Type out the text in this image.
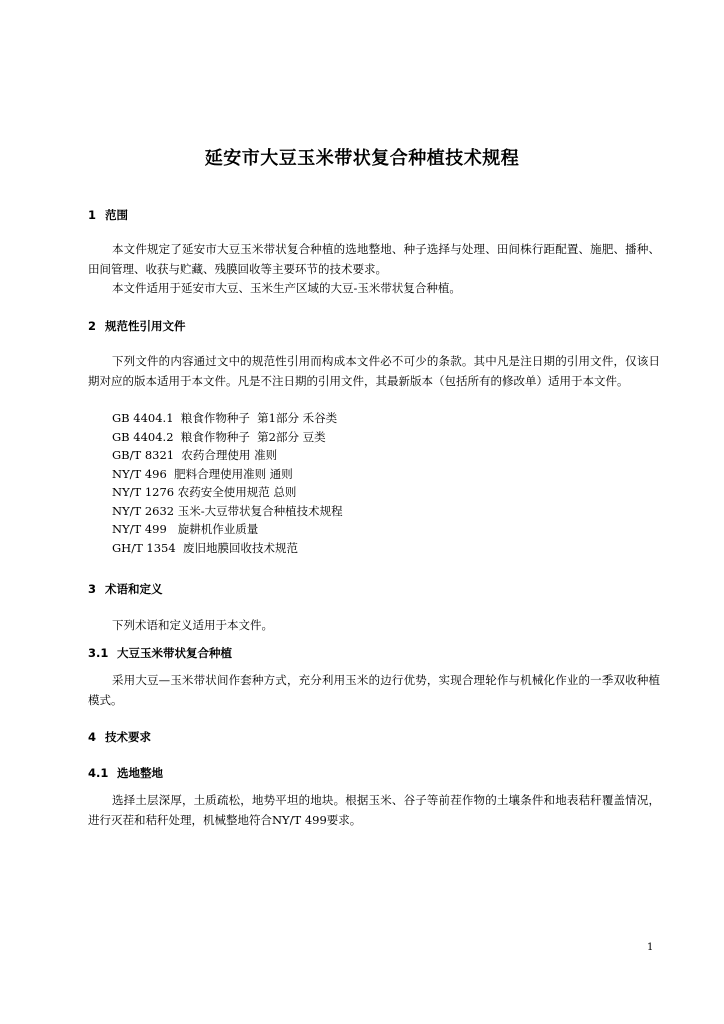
延安市大豆玉米带状复合种植技术规程
1 范围
本文件规定了延安市大豆玉米带状复合种植的选地整地、种子选择与处理、田间株行距配置、施肥、播种、田间管理、收获与贮藏、残膜回收等主要环节的技术要求。
本文件适用于延安市大豆、玉米生产区域的大豆-玉米带状复合种植。
2 规范性引用文件
下列文件的内容通过文中的规范性引用而构成本文件必不可少的条款。其中凡是注日期的引用文件，仅该日期对应的版本适用于本文件。凡是不注日期的引用文件，其最新版本（包括所有的修改单）适用于本文件。
GB 4404.1  粮食作物种子  第1部分 禾谷类
GB 4404.2  粮食作物种子  第2部分 豆类
GB/T 8321  农药合理使用 准则
NY/T 496  肥料合理使用准则 通则
NY/T 1276 农药安全使用规范 总则
NY/T 2632 玉米-大豆带状复合种植技术规程
NY/T 499   旋耕机作业质量
GH/T 1354  废旧地膜回收技术规范
3 术语和定义
下列术语和定义适用于本文件。
3.1 大豆玉米带状复合种植
采用大豆—玉米带状间作套种方式，充分利用玉米的边行优势，实现合理轮作与机械化作业的一季双收种植模式。
4 技术要求
4.1 选地整地
选择土层深厚，土质疏松，地势平坦的地块。根据玉米、谷子等前茬作物的土壤条件和地表秸秆覆盖情况，进行灭茬和秸秆处理，机械整地符合NY/T 499要求。
1
